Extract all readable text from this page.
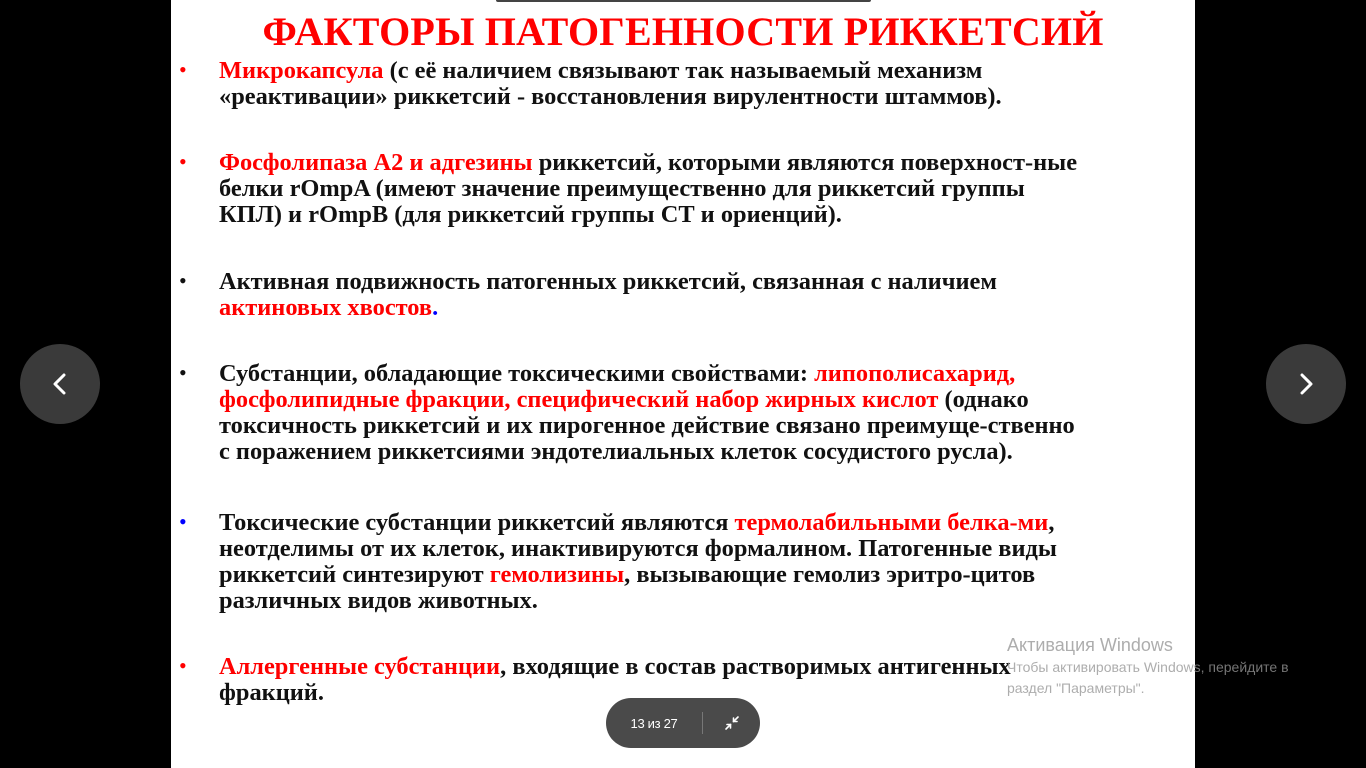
ФАКТОРЫ ПАТОГЕННОСТИ РИККЕТСИЙ
• Микрокапсула (с её наличием связывают так называемый механизм
«реактивации» риккетсий - восстановления вирулентности штаммов).
• Фосфолипаза А2 и адгезины риккетсий, которыми являются поверхност-ные
белки rOmpA (имеют значение преимущественно для риккетсий группы
КПЛ) и rOmpB (для риккетсий группы СТ и ориенций).
• Активная подвижность патогенных риккетсий, связанная с наличием
актиновых хвостов.
• Субстанции, обладающие токсическими свойствами: липополисахарид,
фосфолипидные фракции, специфический набор жирных кислот (однако
токсичность риккетсий и их пирогенное действие связано преимуще-ственно
с поражением риккетсиями эндотелиальных клеток сосудистого русла).
• Токсические субстанции риккетсий являются термолабильными белка-ми,
неотделимы от их клеток, инактивируются формалином. Патогенные виды
риккетсий синтезируют гемолизины, вызывающие гемолиз эритро-цитов
различных видов животных.
• Аллергенные субстанции, входящие в состав растворимых антигенных
фракций.
13 из 27
Активация Windows
Чтобы активировать Windows, перейдите в
раздел "Параметры".
